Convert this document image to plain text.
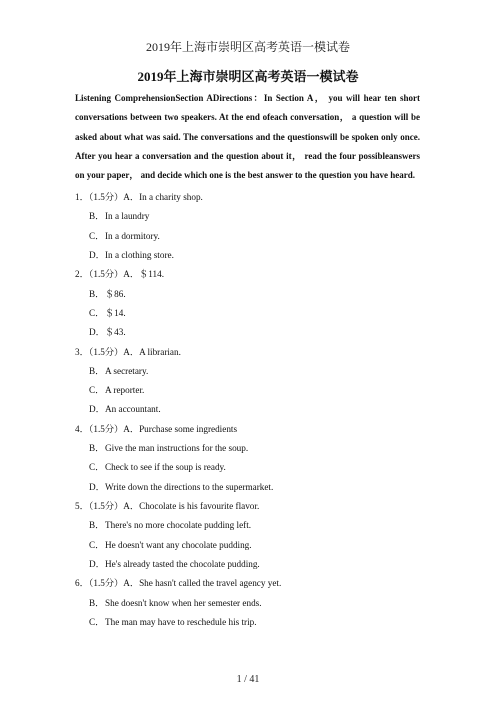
2019年上海市崇明区高考英语一模试卷
2019年上海市崇明区高考英语一模试卷
Listening ComprehensionSection ADirections：In Section A， you will hear ten short conversations between two speakers. At the end ofeach conversation， a question will be asked about what was said. The conversations and the questionswill be spoken only once. After you hear a conversation and the question about it， read the four possibleanswers on your paper， and decide which one is the best answer to the question you have heard.
1．（1.5分）A．In a charity shop.
B．In a laundry
C．In a dormitory.
D．In a clothing store.
2．（1.5分）A．＄114.
B．＄86.
C．＄14.
D．＄43.
3．（1.5分）A．A librarian.
B．A secretary.
C．A reporter.
D．An accountant.
4．（1.5分）A．Purchase some ingredients
B．Give the man instructions for the soup.
C．Check to see if the soup is ready.
D．Write down the directions to the supermarket.
5．（1.5分）A．Chocolate is his favourite flavor.
B．There's no more chocolate pudding left.
C．He doesn't want any chocolate pudding.
D．He's already tasted the chocolate pudding.
6．（1.5分）A．She hasn't called the travel agency yet.
B．She doesn't know when her semester ends.
C．The man may have to reschedule his trip.
1 / 41
